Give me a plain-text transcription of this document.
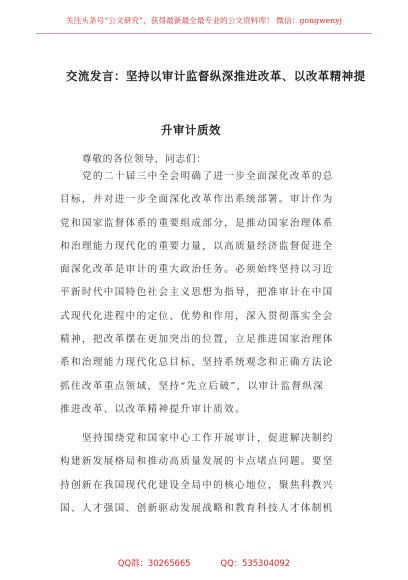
关注头条号“公文研究”，获得最新最全最专业的公文资料库！ 微信：gongwenyj
交流发言：坚持以审计监督纵深推进改革、以改革精神提
升审计质效
尊敬的各位领导，同志们：
党的二十届三中全会明确了进一步全面深化改革的总
目标，并对进一步全面深化改革作出系统部署。审计作为
党和国家监督体系的重要组成部分，是推动国家治理体系
和治理能力现代化的重要力量，以高质量经济监督促进全
面深化改革是审计的重大政治任务。必须始终坚持以习近
平新时代中国特色社会主义思想为指导，把准审计在中国
式现代化进程中的定位、优势和作用，深入贯彻落实全会
精神，把改革摆在更加突出的位置，立足推进国家治理体
系和治理能力现代化总目标，坚持系统观念和正确方法论
抓住改革重点领域，坚持“先立后破”，以审计监督纵深
推进改革、以改革精神提升审计质效。
坚持围绕党和国家中心工作开展审计，促进解决制约
构建新发展格局和推动高质量发展的卡点堵点问题。要坚
持创新在我国现代化建设全局中的核心地位，聚焦科教兴
国、人才强国、创新驱动发展战略和教育科技人才体制机
QQ群：30265665	QQ：535304092
